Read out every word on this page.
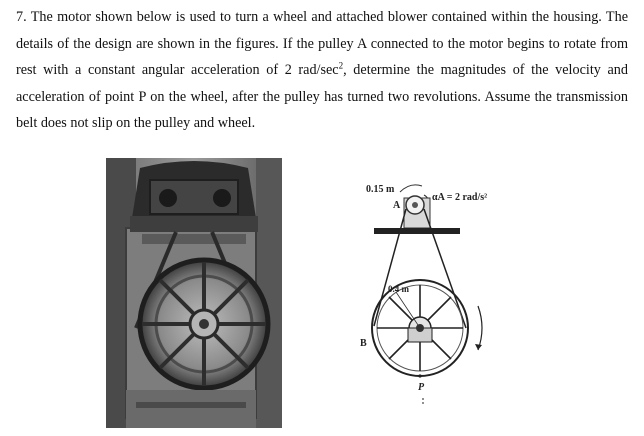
7. The motor shown below is used to turn a wheel and attached blower contained within the housing. The details of the design are shown in the figures. If the pulley A connected to the motor begins to rotate from rest with a constant angular acceleration of 2 rad/$\sec^2$, determine the magnitudes of the velocity and acceleration of point P on the wheel, after the pulley has turned two revolutions. Assume the transmission belt does not slip on the pulley and wheel.
0.15 m
A
αA = 2 rad/s²
0.4 m
B
P
